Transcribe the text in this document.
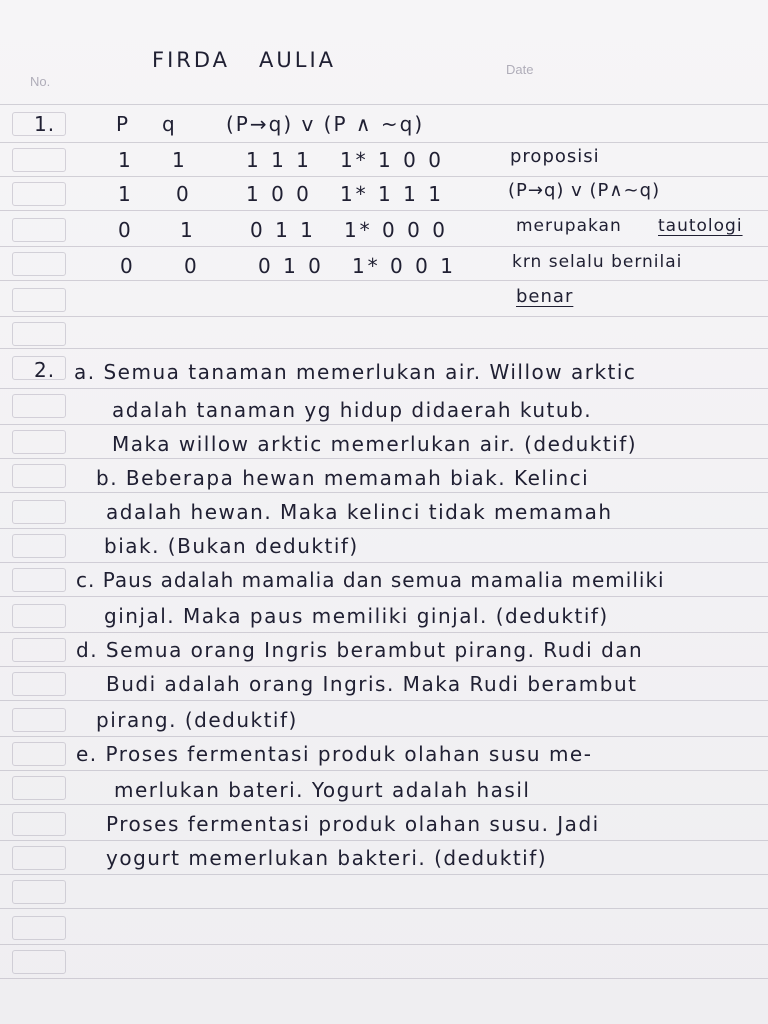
No.
Date
FIRDA   AULIA
1.	P q (P→q) v (P ∧ ~q)
1 1	1 1 1   1* 1 0 0
1 0	1 0 0   1* 1 1 1
0 1	0 1 1   1* 0 0 0
0 0	0 1 0   1* 0 0 1
proposisi
(P→q) v (P∧~q)
merupakan tautologi
krn selalu bernilai
benar
2. a. Semua tanaman memerlukan air. Willow arktic
adalah tanaman yg hidup didaerah kutub.
Maka willow arktic memerlukan air. (deduktif)
b. Beberapa hewan memamah biak. Kelinci
adalah hewan. Maka kelinci tidak memamah
biak. (Bukan deduktif)
c. Paus adalah mamalia dan semua mamalia memiliki
ginjal. Maka paus memiliki ginjal. (deduktif)
d. Semua orang Ingris berambut pirang. Rudi dan
Budi adalah orang Ingris. Maka Rudi berambut
pirang. (deduktif)
e. Proses fermentasi produk olahan susu me-
merlukan bateri. Yogurt adalah hasil
Proses fermentasi produk olahan susu. Jadi
yogurt memerlukan bakteri. (deduktif)
